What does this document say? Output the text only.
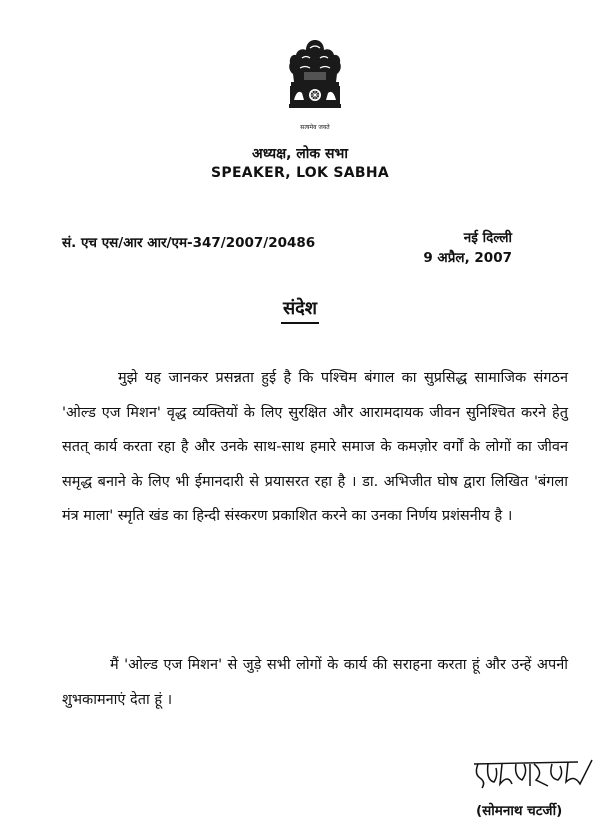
सत्यमेव जयते
अध्यक्ष, लोक सभा
SPEAKER, LOK SABHA
सं. एच एस/आर आर/एम-347/2007/20486	नई दिल्ली
9 अप्रैल, 2007
संदेश
मुझे यह जानकर प्रसन्नता हुई है कि पश्चिम बंगाल का सुप्रसिद्ध सामाजिक संगठन 'ओल्ड एज मिशन' वृद्ध व्यक्तियों के लिए सुरक्षित और आरामदायक जीवन सुनिश्चित करने हेतु सतत् कार्य करता रहा है और उनके साथ-साथ हमारे समाज के कमज़ोर वर्गों के लोगों का जीवन समृद्ध बनाने के लिए भी ईमानदारी से प्रयासरत रहा है । डा. अभिजीत घोष द्वारा लिखित 'बंगला मंत्र माला' स्मृति खंड का हिन्दी संस्करण प्रकाशित करने का उनका निर्णय प्रशंसनीय है ।
मैं 'ओल्ड एज मिशन' से जुड़े सभी लोगों के कार्य की सराहना करता हूं और उन्हें अपनी शुभकामनाएं देता हूं ।
(सोमनाथ चटर्जी)
